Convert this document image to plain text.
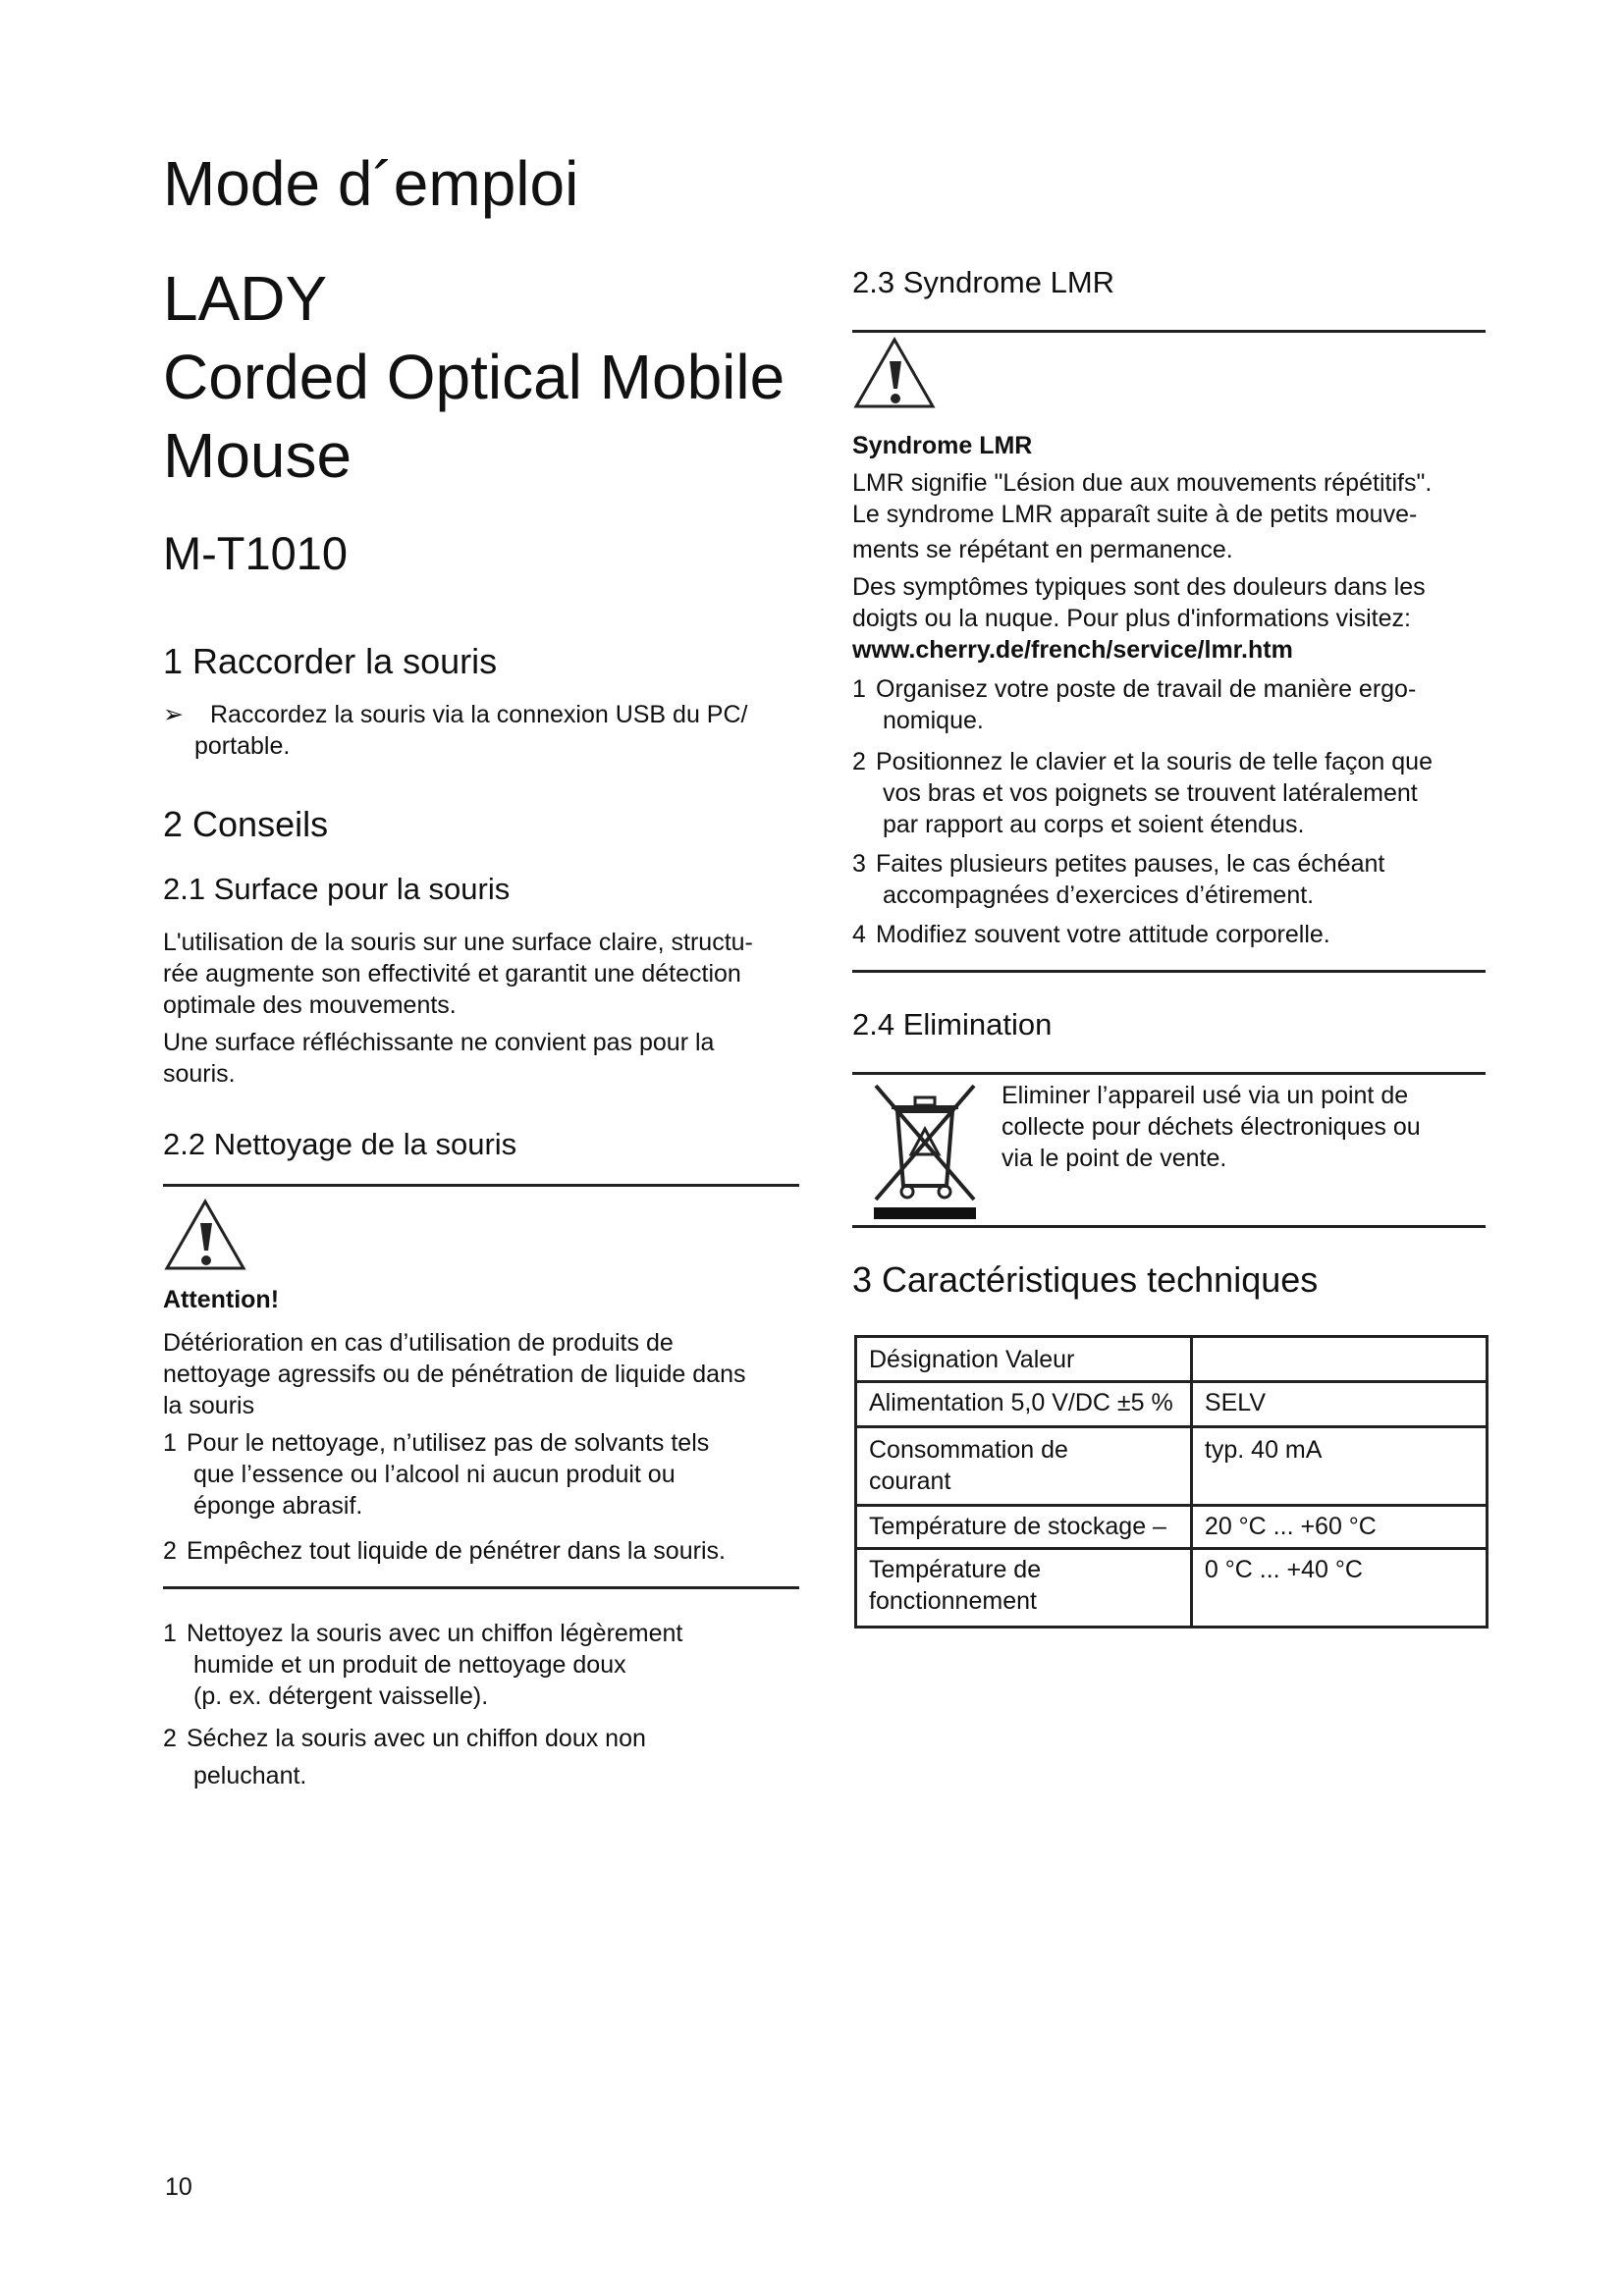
Mode d´emploi
LADY
Corded Optical Mobile
Mouse
M-T1010
1 Raccorder la souris
➢	Raccordez la souris via la connexion USB du PC/
portable.
2 Conseils
2.1 Surface pour la souris
L'utilisation de la souris sur une surface claire, structu-
rée augmente son effectivité et garantit une détection
optimale des mouvements.
Une surface réfléchissante ne convient pas pour la
souris.
2.2 Nettoyage de la souris
Attention!
Détérioration en cas d’utilisation de produits de
nettoyage agressifs ou de pénétration de liquide dans
la souris
1 Pour le nettoyage, n’utilisez pas de solvants tels
que l’essence ou l’alcool ni aucun produit ou
éponge abrasif.
2 Empêchez tout liquide de pénétrer dans la souris.
1 Nettoyez la souris avec un chiffon légèrement
humide et un produit de nettoyage doux
(p. ex. détergent vaisselle).
2 Séchez la souris avec un chiffon doux non
peluchant.
2.3 Syndrome LMR
Syndrome LMR
LMR signifie "Lésion due aux mouvements répétitifs".
Le syndrome LMR apparaît suite à de petits mouve-
ments se répétant en permanence.
Des symptômes typiques sont des douleurs dans les
doigts ou la nuque. Pour plus d'informations visitez:
www.cherry.de/french/service/lmr.htm
1 Organisez votre poste de travail de manière ergo-
nomique.
2 Positionnez le clavier et la souris de telle façon que
vos bras et vos poignets se trouvent latéralement
par rapport au corps et soient étendus.
3 Faites plusieurs petites pauses, le cas échéant
accompagnées d’exercices d’étirement.
4 Modifiez souvent votre attitude corporelle.
2.4 Elimination
Eliminer l’appareil usé via un point de
collecte pour déchets électroniques ou
via le point de vente.
3 Caractéristiques techniques
Désignation Valeur	
Alimentation 5,0 V/DC ±5 %	SELV
Consommation de courant	typ. 40 mA
Température de stockage –	20 °C ... +60 °C
Température de fonctionnement	0 °C ... +40 °C
10
